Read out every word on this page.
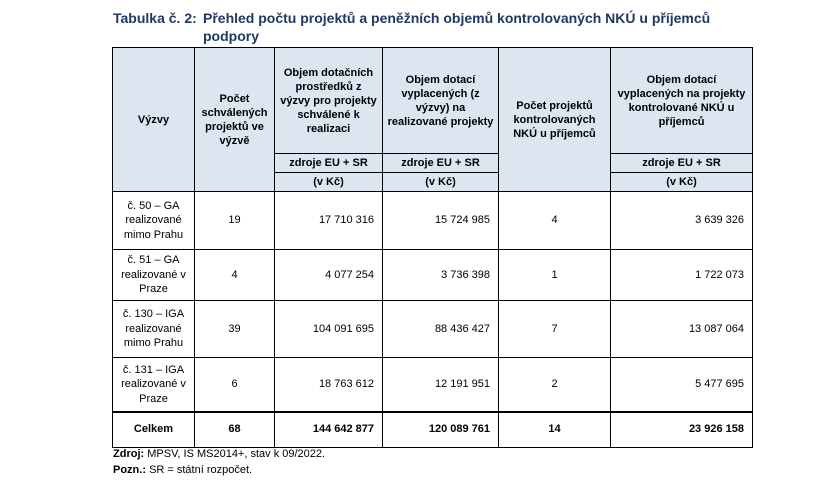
Tabulka č. 2: Přehled počtu projektů a peněžních objemů kontrolovaných NKÚ u příjemců
podpory
Výzvy	Počet schválených projektů ve výzvě	Objem dotačních prostředků z výzvy pro projekty schválené k realizaci	Objem dotací vyplacených (z výzvy) na realizované projekty	Počet projektů kontrolovaných NKÚ u příjemců	Objem dotací vyplacených na projekty kontrolované NKÚ u příjemců
		zdroje EU + SR	zdroje EU + SR		zdroje EU + SR
		(v Kč)	(v Kč)		(v Kč)
č. 50 – GA realizované mimo Prahu	19	17 710 316	15 724 985	4	3 639 326
č. 51 – GA realizované v Praze	4	4 077 254	3 736 398	1	1 722 073
č. 130 – IGA realizované mimo Prahu	39	104 091 695	88 436 427	7	13 087 064
č. 131 – IGA realizované v Praze	6	18 763 612	12 191 951	2	5 477 695
Celkem	68	144 642 877	120 089 761	14	23 926 158
Zdroj: MPSV, IS MS2014+, stav k 09/2022.
Pozn.: SR = státní rozpočet.
